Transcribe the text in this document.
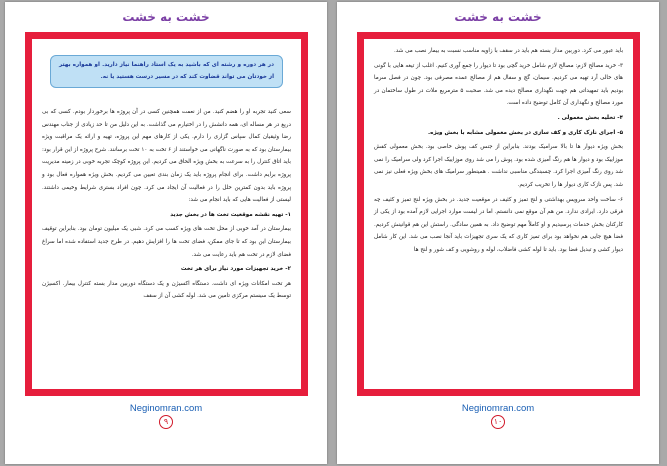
خشت به خشت
در هر دوره و رشته ای که باشید به یک استاد راهنما نیاز دارید. او همواره بهتر از خودتان می تواند قضاوت کند که در مسیر درست هستید یا نه.

سعی کنید تجربه او را هضم کنید. من از نعمت همچنین کسی در آن پروژه ها برخوردار بودم. کسی که بی دریغ در هر مساله ای، همه دانشش را در اختیارم می گذاشت. به این دلیل من تا حد زیادی از جناب مهندس رضا وثیقیان کمال سپاس گزاری را دارم. یکی از کارهای مهم این پروژه، تهیه و ارائه یک مراقبت ویژه بیمارستان بود که به صورت ناگهانی می خواستند از ۶ تخت به ۱۰ تخت برسانند. شرح پروژه از این قرار بود: باید اتاق کنترل را به سرعت به بخش ویژه الحاق می کردیم. این پروژه کوچک تجربه خوبی در زمینه مدیریت پروژه برایم داشت. برای انجام پروژه باید یک زمان بندی تعیین می کردیم. بخش ویژه همواره فعال بود و پروژه باید بدون کمترین خلل را در فعالیت آن ایجاد می کرد. چون افراد بستری شرایط وخیمی داشتند. لیستی از فعالیت هایی که باید انجام می شد:

۱- تهیه نقشه موقعیت تخت ها در بخش جدید

بیمارستان در آمد خوبی از محل تخت های ویژه کسب می کرد. شبی یک میلیون تومان بود. بنابراین توقیف بیمارستان این بود که تا جای ممکن، فضای تخت ها را افزایش دهیم. در طرح جدید استفاده شده اما سراغ فضای لازم در تخت هم باید رعایت می شد.

۲- خرید تجهیزات مورد نیاز برای هر تخت

هر تخت امکانات ویژه ای داشت. دستگاه اکسیژن و یک دستگاه دوربین مدار بسته کنترل بیمار. اکسیژن توسط یک سیستم مرکزی تامین می شد. لوله کشی آن از سقف

Neginomran.com
۹
خشت به خشت

باید عبور می کرد. دوربین مدار بسته هم باید در سقف با زاویه مناسب نسبت به بیمار نصب می شد.

۳- خرید مصالح لازم: مصالح لازم شامل خرید گچی بود تا دیوار را جمع آوری کنیم. اغلب از تیغه هایی با گونی های خالی آرد تهیه می کردیم. سیمان، گچ و سفال هم از مصالح عمده مصرفی بود. چون در فصل سرما بودیم باید تمهیداتی هم جهت نگهداری مصالح دیده می شد. صحبت ۵ مترمربع ملات در طول ساختمان در مورد مصالح و نگهداری آن کامل توضیح داده است.

۴- تخلیه بخش معمولی .

۵- اجرای نازک کاری و کف سازی در بخش معمولی مشابه با بخش ویژه.

بخش ویژه دیوار ها تا بالا سرامیک بودند. بنابراین از جنس کف پوش خاصی بود. بخش معمولی کفش موزاییک بود و دیوار ها هم رنگ آمیزی شده بود. پوش را می شد روی موزاییک اجرا کرد ولی سرامیک را نمی شد روی رنگ آمیزی اجرا کرد. چسبندگی مناسبی نداشت . همینطور سرامیک های بخش ویژه فعلی نیز نمی شد. پس نازک کاری دیوار ها را تخریب کردیم.

۶- ساخت واحد سرویس بهداشتی و لنج تمیز و کثیف در موقعیت جدید. در بخش ویژه لنج تمیز و کثیف چه فرقی دارد. ایرادی ندارد. من هم آن موقع نمی دانستم. اما در لیست موارد اجرایی لازم آمده بود از یکی از کارکنان بخش خدمات پرسیدیم و او کاملاً مهم توضیح داد. به همین سادگی. راستش این هم قوانینش کردیم. فضا هیچ جایی هم نخواهد بود برای تمیز کاری که یک سری تجهیزات باید آنجا نصب می شد. این کار شامل دیوار کشی و تبدیل فضا بود. باید تا لوله کشی فاضلاب، لوله و روشویی و کف شور و لنج ها

Neginomran.com
۱۰
